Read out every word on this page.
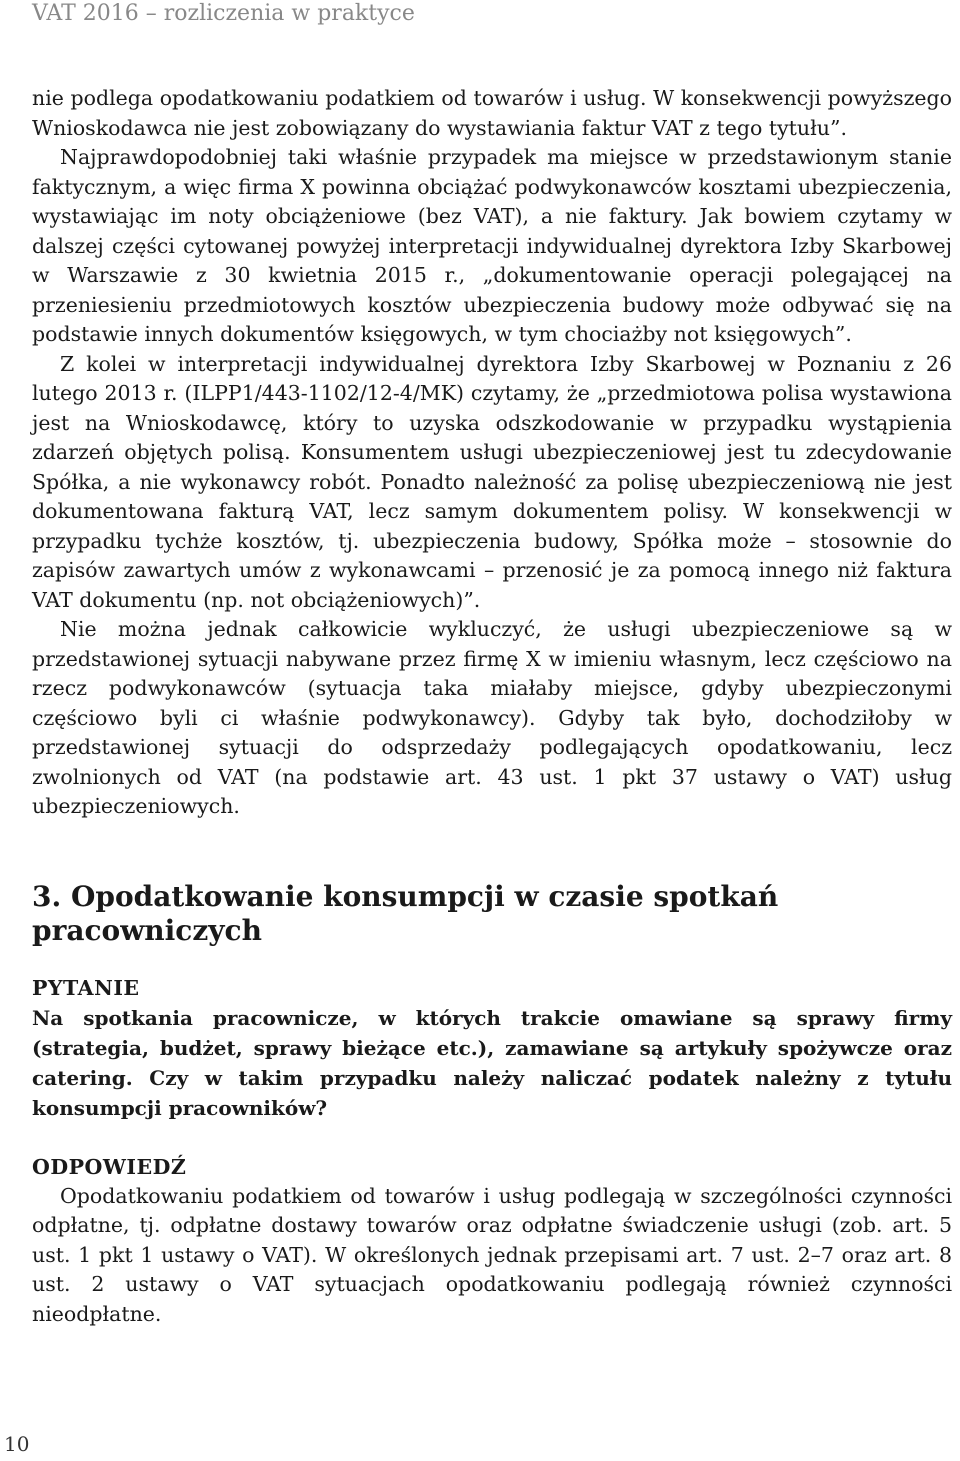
VAT 2016 – rozliczenia w praktyce

nie podlega opodatkowaniu podatkiem od towarów i usług. W konsekwencji powyższego Wnioskodawca nie jest zobowiązany do wystawiania faktur VAT z tego tytułu”.

Najprawdopodobniej taki właśnie przypadek ma miejsce w przedstawionym stanie faktycznym, a więc firma X powinna obciążać podwykonawców kosztami ubezpieczenia, wystawiając im noty obciążeniowe (bez VAT), a nie faktury. Jak bowiem czytamy w dalszej części cytowanej powyżej interpretacji indywidualnej dyrektora Izby Skarbowej w Warszawie z 30 kwietnia 2015 r., „dokumentowanie operacji polegającej na przeniesieniu przedmiotowych kosztów ubezpieczenia budowy może odbywać się na podstawie innych dokumentów księgowych, w tym chociażby not księgowych”.

Z kolei w interpretacji indywidualnej dyrektora Izby Skarbowej w Poznaniu z 26 lutego 2013 r. (ILPP1/443-1102/12-4/MK) czytamy, że „przedmiotowa polisa wystawiona jest na Wnioskodawcę, który to uzyska odszkodowanie w przypadku wystąpienia zdarzeń objętych polisą. Konsumentem usługi ubezpieczeniowej jest tu zdecydowanie Spółka, a nie wykonawcy robót. Ponadto należność za polisę ubezpieczeniową nie jest dokumentowana fakturą VAT, lecz samym dokumentem polisy. W konsekwencji w przypadku tychże kosztów, tj. ubezpieczenia budowy, Spółka może – stosownie do zapisów zawartych umów z wykonawcami – przenosić je za pomocą innego niż faktura VAT dokumentu (np. not obciążeniowych)”.

Nie można jednak całkowicie wykluczyć, że usługi ubezpieczeniowe są w przedstawionej sytuacji nabywane przez firmę X w imieniu własnym, lecz częściowo na rzecz podwykonawców (sytuacja taka miałaby miejsce, gdyby ubezpieczonymi częściowo byli ci właśnie podwykonawcy). Gdyby tak było, dochodziłoby w przedstawionej sytuacji do odsprzedaży podlegających opodatkowaniu, lecz zwolnionych od VAT (na podstawie art. 43 ust. 1 pkt 37 ustawy o VAT) usług ubezpieczeniowych.

3. Opodatkowanie konsumpcji w czasie spotkań pracowniczych

PYTANIE

Na spotkania pracownicze, w których trakcie omawiane są sprawy firmy (strategia, budżet, sprawy bieżące etc.), zamawiane są artykuły spożywcze oraz catering. Czy w takim przypadku należy naliczać podatek należny z tytułu konsumpcji pracowników?

ODPOWIEDŹ

Opodatkowaniu podatkiem od towarów i usług podlegają w szczególności czynności odpłatne, tj. odpłatne dostawy towarów oraz odpłatne świadczenie usługi (zob. art. 5 ust. 1 pkt 1 ustawy o VAT). W określonych jednak przepisami art. 7 ust. 2–7 oraz art. 8 ust. 2 ustawy o VAT sytuacjach opodatkowaniu podlegają również czynności nieodpłatne.

10
